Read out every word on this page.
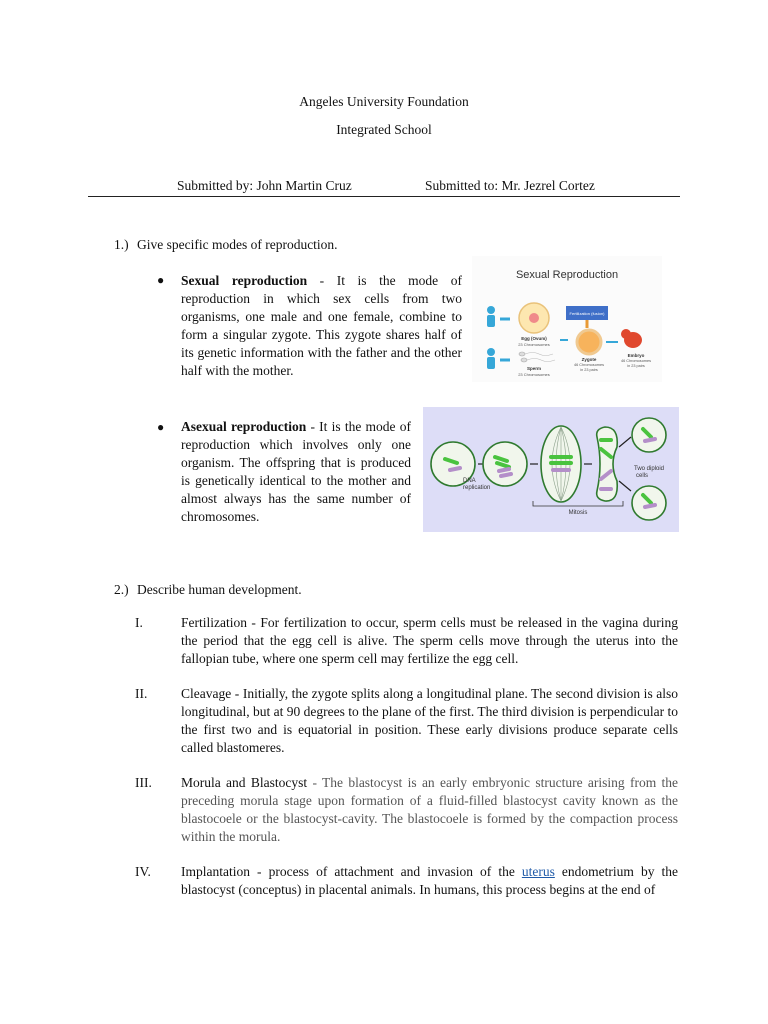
Angeles University Foundation
Integrated School
Submitted by: John Martin Cruz	Submitted to: Mr. Jezrel Cortez
1.) Give specific modes of reproduction.
● Sexual reproduction - It is the mode of reproduction in which sex cells from two organisms, one male and one female, combine to form a singular zygote. This zygote shares half of its genetic information with the father and the other half with the mother.
Sexual Reproduction
Egg (Ovum)
23 Chromosomes
Sperm
23 Chromosomes
Fertilization (fusion)
Zygote
46 Chromosomes
in 23 pairs
Embryo
46 Chromosomes
in 23 pairs
● Asexual reproduction - It is the mode of reproduction which involves only one organism. The offspring that is produced is genetically identical to the mother and almost always has the same number of chromosomes.
DNA
replication
Two diploid
cells
Mitosis
2.) Describe human development.
I.	Fertilization - For fertilization to occur, sperm cells must be released in the vagina during the period that the egg cell is alive. The sperm cells move through the uterus into the fallopian tube, where one sperm cell may fertilize the egg cell.
II. Cleavage - Initially, the zygote splits along a longitudinal plane. The second division is also longitudinal, but at 90 degrees to the plane of the first. The third division is perpendicular to the first two and is equatorial in position. These early divisions produce separate cells called blastomeres.
III. Morula and Blastocyst - The blastocyst is an early embryonic structure arising from the preceding morula stage upon formation of a fluid-filled blastocyst cavity known as the blastocoele or the blastocyst-cavity. The blastocoele is formed by the compaction process within the morula.
IV. Implantation - process of attachment and invasion of the uterus endometrium by the blastocyst (conceptus) in placental animals. In humans, this process begins at the end of
